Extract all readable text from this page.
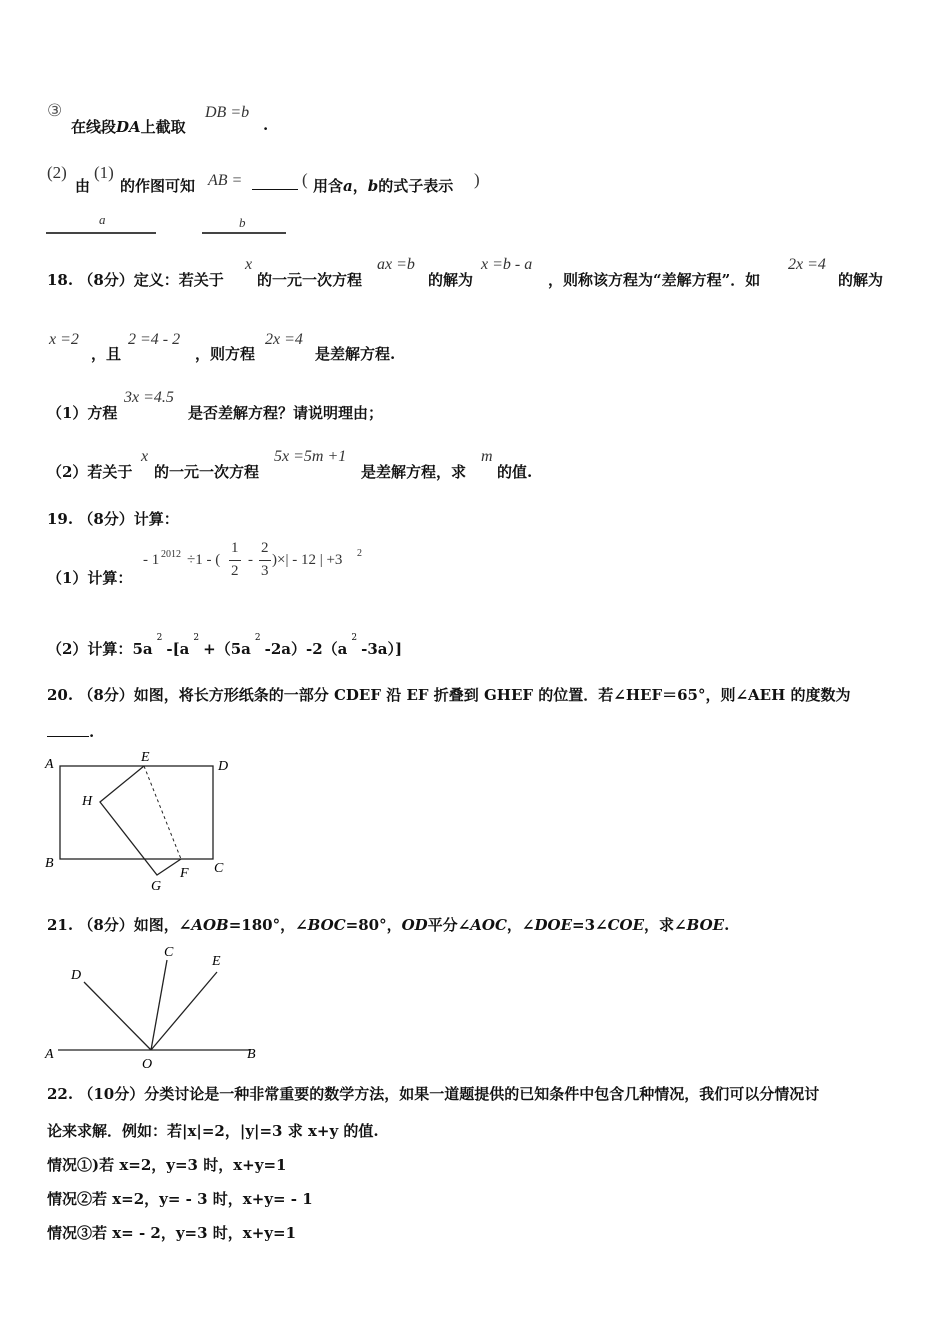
③
在线段DA上截取
DB =b
.
(2)
由
(1)
的作图可知 AB =	( 用含a，b的式子表示 )
a	b
18. （8分）定义：若关于
x
的一元一次方程
ax =b
的解为
x =b - a
，则称该方程为“差解方程”．如
2x =4
的解为
x =2
，且
2 =4 - 2
，则方程
2x =4
是差解方程.
（1）方程
3x =4.5
是否差解方程？请说明理由；
（2）若关于
x
的一元一次方程
5x =5m +1
是差解方程，求
m
的值.
19. （8分）计算：
（1）计算：
- 1 2012 ÷1 - (
1
2
-
2
3
)×| - 12 | +3 2
（2）计算：$5a^2-[a^2+(5a^2-2a)-2(a^2-3a)]$
20. （8分）如图，将长方形纸条的一部分 CDEF 沿 EF 折叠到 GHEF 的位置．若∠HEF＝65°，则∠AEH 的度数为
.
A	E
D
H
B	C
F
G
21. （8分）如图，∠AOB=180°，∠BOC=80°，OD平分∠AOC，∠DOE=3∠COE，求∠BOE.
A	B
C
D
E
O
22. （10分）分类讨论是一种非常重要的数学方法，如果一道题提供的已知条件中包含几种情况，我们可以分情况讨
论来求解．例如：若|x|=2，|y|=3 求 x+y 的值.
情况①)若 x=2，y=3 时，x+y=1
情况②若 x=2，y= - 3 时，x+y= - 1
情况③若 x= - 2，y=3 时，x+y=1
